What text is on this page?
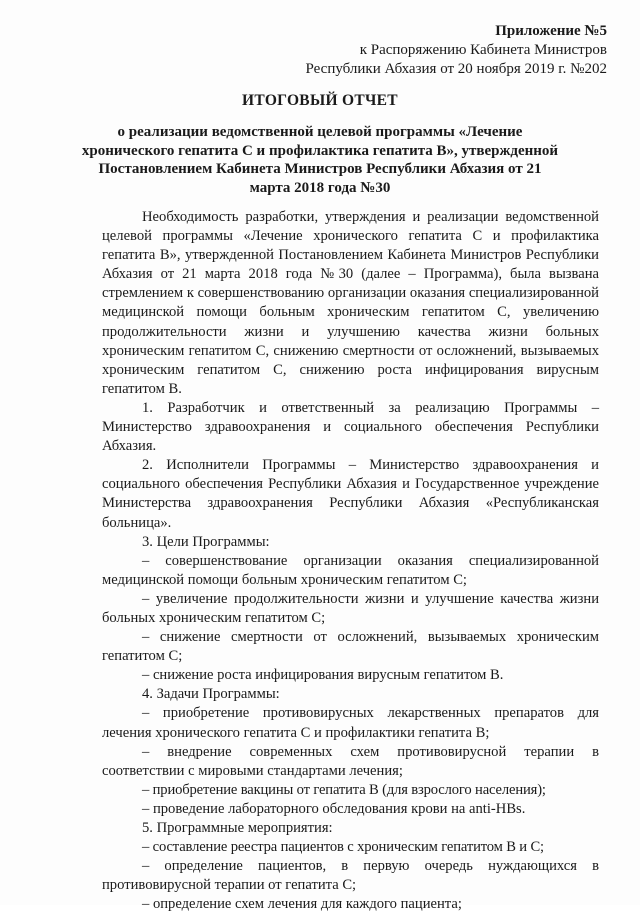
Приложение №5
к Распоряжению Кабинета Министров
Республики Абхазия от 20 ноября 2019 г. №202
ИТОГОВЫЙ ОТЧЕТ
о реализации ведомственной целевой программы «Лечение хронического гепатита С и профилактика гепатита В», утвержденной Постановлением Кабинета Министров Республики Абхазия от 21 марта 2018 года №30

Необходимость разработки, утверждения и реализации ведомственной целевой программы «Лечение хронического гепатита С и профилактика гепатита В», утвержденной Постановлением Кабинета Министров Республики Абхазия от 21 марта 2018 года №30 (далее – Программа), была вызвана стремлением к совершенствованию организации оказания специализированной медицинской помощи больным хроническим гепатитом С, увеличению продолжительности жизни и улучшению качества жизни больных хроническим гепатитом С, снижению смертности от осложнений, вызываемых хроническим гепатитом С, снижению роста инфицирования вирусным гепатитом В.

1. Разработчик и ответственный за реализацию Программы – Министерство здравоохранения и социального обеспечения Республики Абхазия.

2. Исполнители Программы – Министерство здравоохранения и социального обеспечения Республики Абхазия и Государственное учреждение Министерства здравоохранения Республики Абхазия «Республиканская больница».

3. Цели Программы:

– совершенствование организации оказания специализированной медицинской помощи больным хроническим гепатитом С;

– увеличение продолжительности жизни и улучшение качества жизни больных хроническим гепатитом С;

– снижение смертности от осложнений, вызываемых хроническим гепатитом С;

– снижение роста инфицирования вирусным гепатитом В.

4. Задачи Программы:

– приобретение противовирусных лекарственных препаратов для лечения хронического гепатита С и профилактики гепатита В;

– внедрение современных схем противовирусной терапии в соответствии с мировыми стандартами лечения;

– приобретение вакцины от гепатита В (для взрослого населения);

– проведение лабораторного обследования крови на anti-HBs.

5. Программные мероприятия:

– составление реестра пациентов с хроническим гепатитом В и С;

– определение пациентов, в первую очередь нуждающихся в противовирусной терапии от гепатита С;

– определение схем лечения для каждого пациента;
